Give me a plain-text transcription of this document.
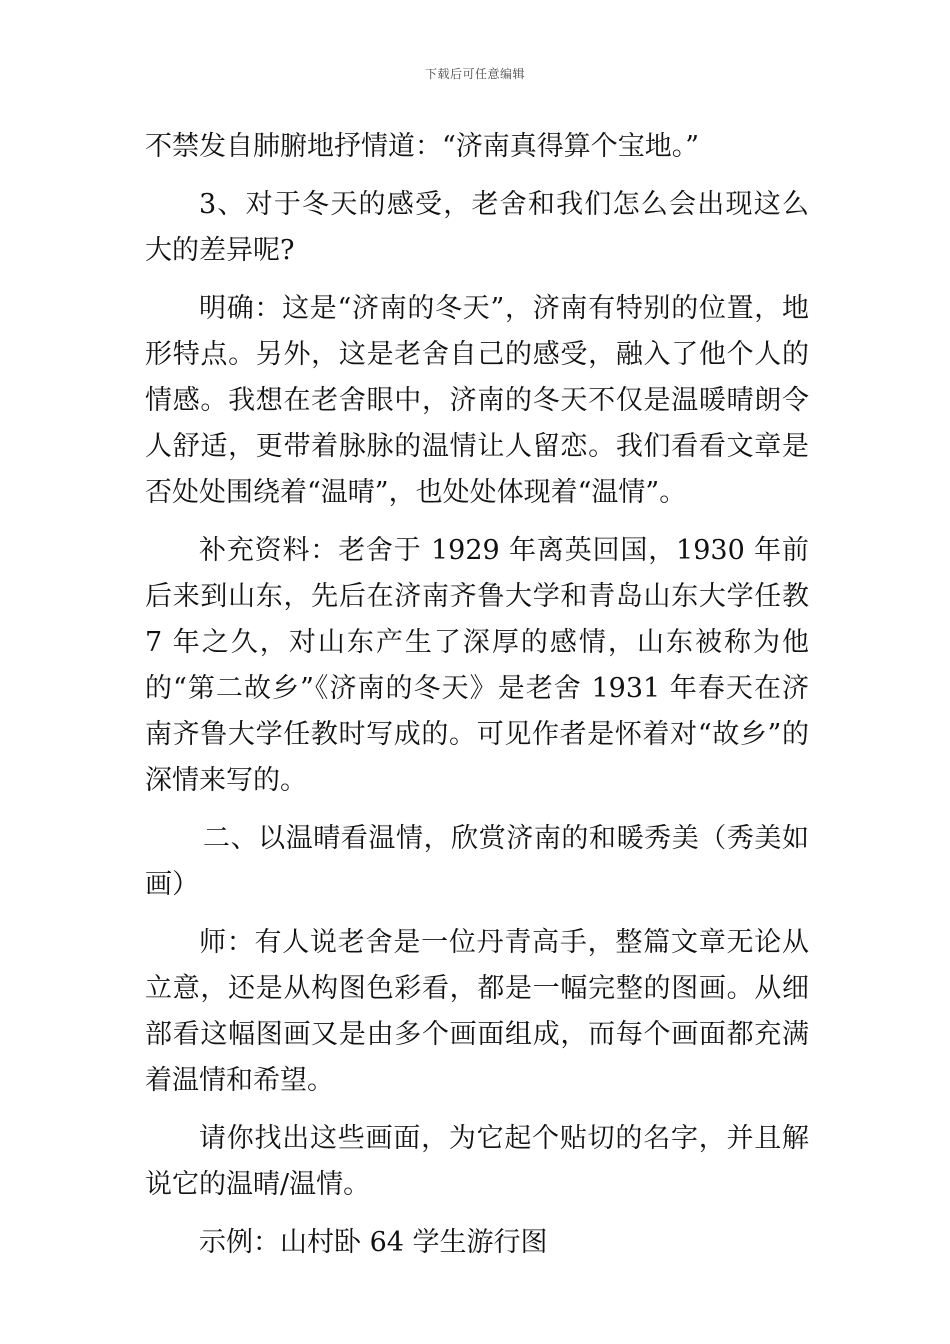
下载后可任意编辑

不禁发自肺腑地抒情道：“济南真得算个宝地。”

3、对于冬天的感受，老舍和我们怎么会出现这么大的差异呢?

明确：这是“济南的冬天”，济南有特别的位置，地形特点。另外，这是老舍自己的感受，融入了他个人的情感。我想在老舍眼中，济南的冬天不仅是温暖晴朗令人舒适，更带着脉脉的温情让人留恋。我们看看文章是否处处围绕着“温晴”，也处处体现着“温情”。

补充资料：老舍于 1929 年离英回国，1930 年前后来到山东，先后在济南齐鲁大学和青岛山东大学任教 7 年之久，对山东产生了深厚的感情，山东被称为他的“第二故乡”《济南的冬天》是老舍 1931 年春天在济南齐鲁大学任教时写成的。可见作者是怀着对“故乡”的深情来写的。

二、以温晴看温情，欣赏济南的和暖秀美（秀美如画）

师：有人说老舍是一位丹青高手，整篇文章无论从立意，还是从构图色彩看，都是一幅完整的图画。从细部看这幅图画又是由多个画面组成，而每个画面都充满着温情和希望。

请你找出这些画面，为它起个贴切的名字，并且解说它的温晴/温情。

示例：山村卧 64 学生游行图
